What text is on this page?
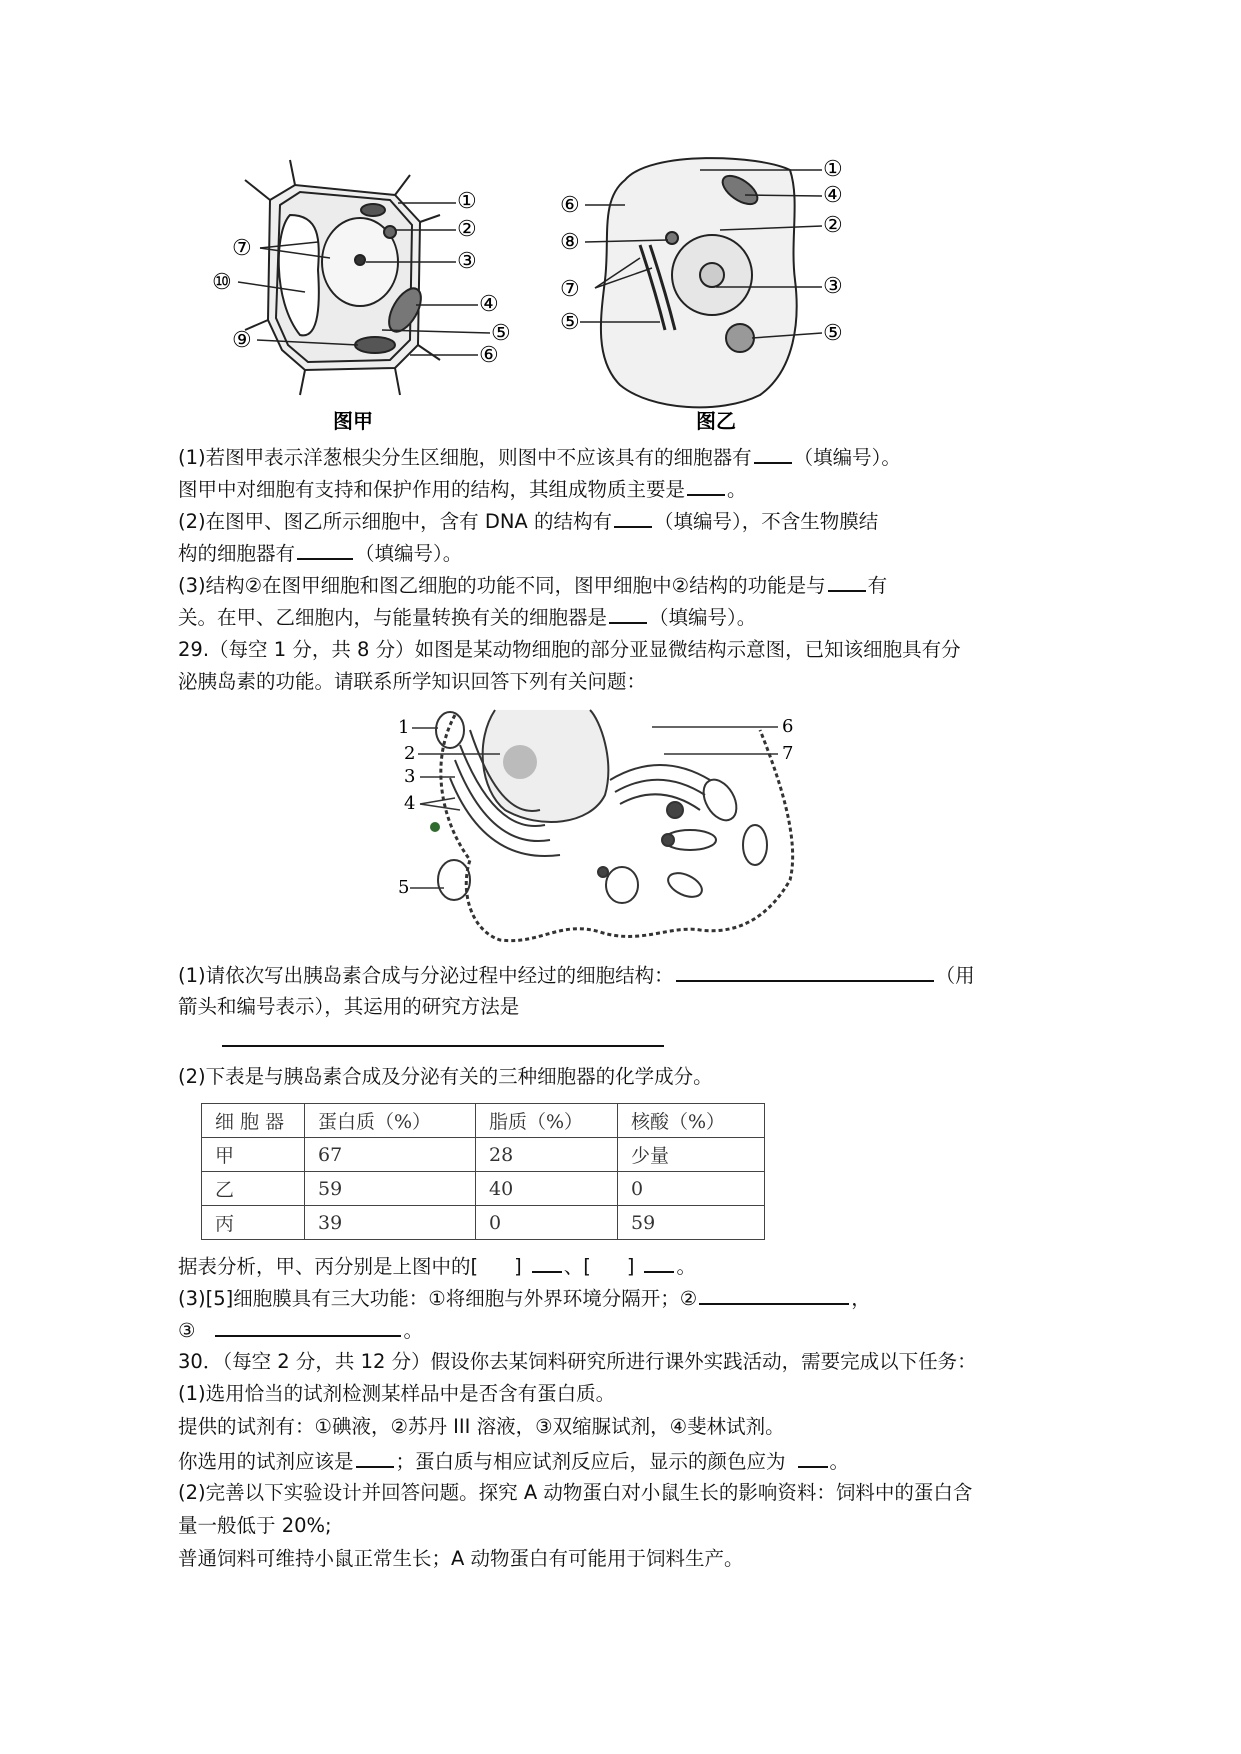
①
②
③
④
⑤
⑥
⑦
⑨
⑩
图甲
①
④
②
⑥
⑧
⑦
⑤
③
⑤
图乙
(1)若图甲表示洋葱根尖分生区细胞，则图中不应该具有的细胞器有 （填编号）。
图甲中对细胞有支持和保护作用的结构，其组成物质主要是 。
(2)在图甲、图乙所示细胞中，含有 DNA 的结构有 （填编号），不含生物膜结
构的细胞器有	（填编号）。
(3)结构②在图甲细胞和图乙细胞的功能不同，图甲细胞中②结构的功能是与 有
关。在甲、乙细胞内，与能量转换有关的细胞器是 （填编号）。
29.（每空 1 分，共 8 分）如图是某动物细胞的部分亚显微结构示意图，已知该细胞具有分
泌胰岛素的功能。请联系所学知识回答下列有关问题：
1
2
3
4
5
6
7
(1)请依次写出胰岛素合成与分泌过程中经过的细胞结构：	（用
箭头和编号表示），其运用的研究方法是
(2)下表是与胰岛素合成及分泌有关的三种细胞器的化学成分。
细 胞 器	蛋白质（%）	脂质（%）	核酸（%）
甲	67	28	少量
乙	59	40	0
丙	39	0	59
据表分析，甲、丙分别是上图中的[ ] 、[ ] 。
(3)[5]细胞膜具有三大功能：①将细胞与外界环境分隔开；②	，
③	。
30．（每空 2 分，共 12 分）假设你去某饲料研究所进行课外实践活动，需要完成以下任务：
(1)选用恰当的试剂检测某样品中是否含有蛋白质。
提供的试剂有：①碘液，②苏丹 III 溶液，③双缩脲试剂，④斐林试剂。
你选用的试剂应该是 ；蛋白质与相应试剂反应后，显示的颜色应为 。
(2)完善以下实验设计并回答问题。探究 A 动物蛋白对小鼠生长的影响资料：饲料中的蛋白含
量一般低于 20%;
普通饲料可维持小鼠正常生长；A 动物蛋白有可能用于饲料生产。
